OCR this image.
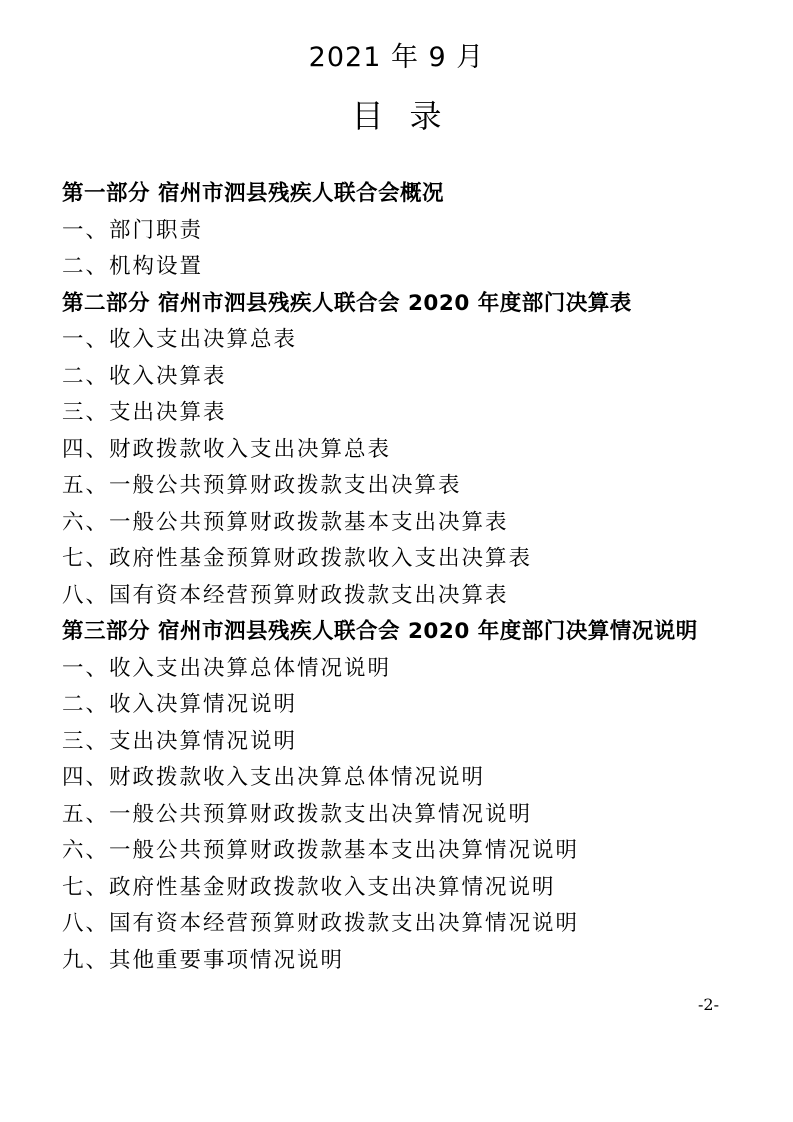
2021 年 9 月
目录
第一部分 宿州市泗县残疾人联合会概况
一、部门职责
二、机构设置
第二部分 宿州市泗县残疾人联合会 2020 年度部门决算表
一、收入支出决算总表
二、收入决算表
三、支出决算表
四、财政拨款收入支出决算总表
五、一般公共预算财政拨款支出决算表
六、一般公共预算财政拨款基本支出决算表
七、政府性基金预算财政拨款收入支出决算表
八、国有资本经营预算财政拨款支出决算表
第三部分 宿州市泗县残疾人联合会 2020 年度部门决算情况说明
一、收入支出决算总体情况说明
二、收入决算情况说明
三、支出决算情况说明
四、财政拨款收入支出决算总体情况说明
五、一般公共预算财政拨款支出决算情况说明
六、一般公共预算财政拨款基本支出决算情况说明
七、政府性基金财政拨款收入支出决算情况说明
八、国有资本经营预算财政拨款支出决算情况说明
九、其他重要事项情况说明
-2-
